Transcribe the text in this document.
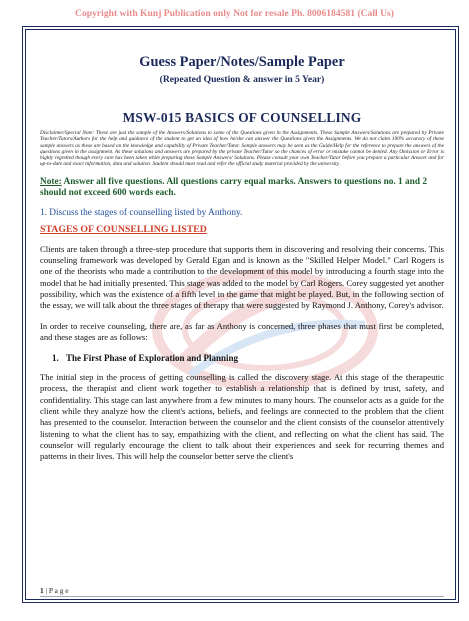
Copyright with Kunj Publication only Not for resale Ph. 8006184581 (Call Us)

Guess Paper/Notes/Sample Paper

(Repeated Question & answer in 5 Year)

MSW-015 BASICS OF COUNSELLING

Disclaimer/Special Note: These are just the sample of the Answers/Solutions to some of the Questions given in the Assignments. These Sample Answers/Solutions are prepared by Private Teacher/Tutors/Authors for the help and guidance of the student to get an idea of how he/she can answer the Questions given the Assignments. We do not claim 100% accuracy of these sample answers as these are based on the knowledge and capability of Private Teacher/Tutor. Sample answers may be seen as the Guide/Help for the reference to prepare the answers of the questions given in the assignment. As these solutions and answers are prepared by the private Teacher/Tutor so the chances of error or mistake cannot be denied. Any Omission or Error is highly regretted though every care has been taken while preparing these Sample Answers/ Solutions. Please consult your own Teacher/Tutor before you prepare a particular Answer and for up-to-date and exact information, data and solution. Student should must read and refer the official study material provided by the university.

Note: Answer all five questions. All questions carry equal marks. Answers to questions no. 1 and 2 should not exceed 600 words each.

1. Discuss the stages of counselling listed by Anthony.

STAGES OF COUNSELLING LISTED

Clients are taken through a three-step procedure that supports them in discovering and resolving their concerns. This counseling framework was developed by Gerald Egan and is known as the "Skilled Helper Model." Carl Rogers is one of the theorists who made a contribution to the development of this model by introducing a fourth stage into the model that he had initially presented. This stage was added to the model by Carl Rogers. Corey suggested yet another possibility, which was the existence of a fifth level in the game that might be played. But, in the following section of the essay, we will talk about the three stages of therapy that were suggested by Raymond J. Anthony, Corey's advisor.

In order to receive counseling, there are, as far as Anthony is concerned, three phases that must first be completed, and these stages are as follows:

1. The First Phase of Exploration and Planning

The initial step in the process of getting counselling is called the discovery stage. At this stage of the therapeutic process, the therapist and client work together to establish a relationship that is defined by trust, safety, and confidentiality. This stage can last anywhere from a few minutes to many hours. The counselor acts as a guide for the client while they analyze how the client's actions, beliefs, and feelings are connected to the problem that the client has presented to the counselor. Interaction between the counselor and the client consists of the counselor attentively listening to what the client has to say, empathizing with the client, and reflecting on what the client has said. The counselor will regularly encourage the client to talk about their experiences and seek for recurring themes and patterns in their lives. This will help the counselor better serve the client's

1 | P a g e
